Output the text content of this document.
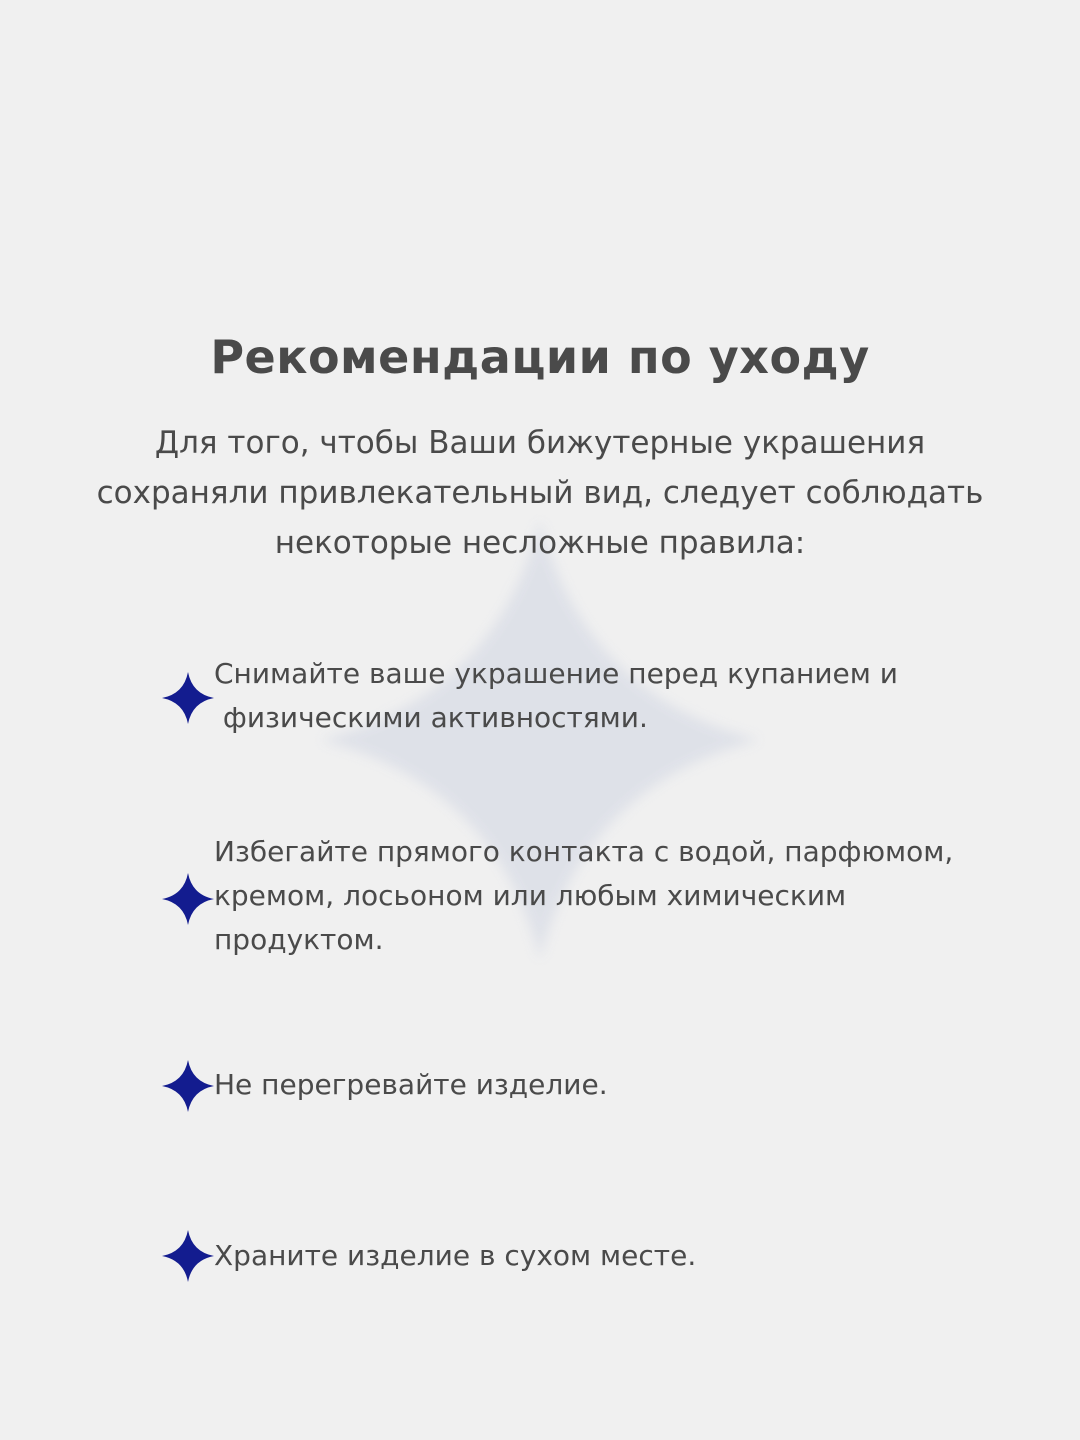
Рекомендации по уходу
Для того, чтобы Ваши бижутерные украшения сохраняли привлекательный вид, следует соблюдать некоторые несложные правила:
Снимайте ваше украшение перед купанием и
физическими активностями.
Избегайте прямого контакта с водой, парфюмом,
кремом, лосьоном или любым химическим
продуктом.
Не перегревайте изделие.
Храните изделие в сухом месте.
